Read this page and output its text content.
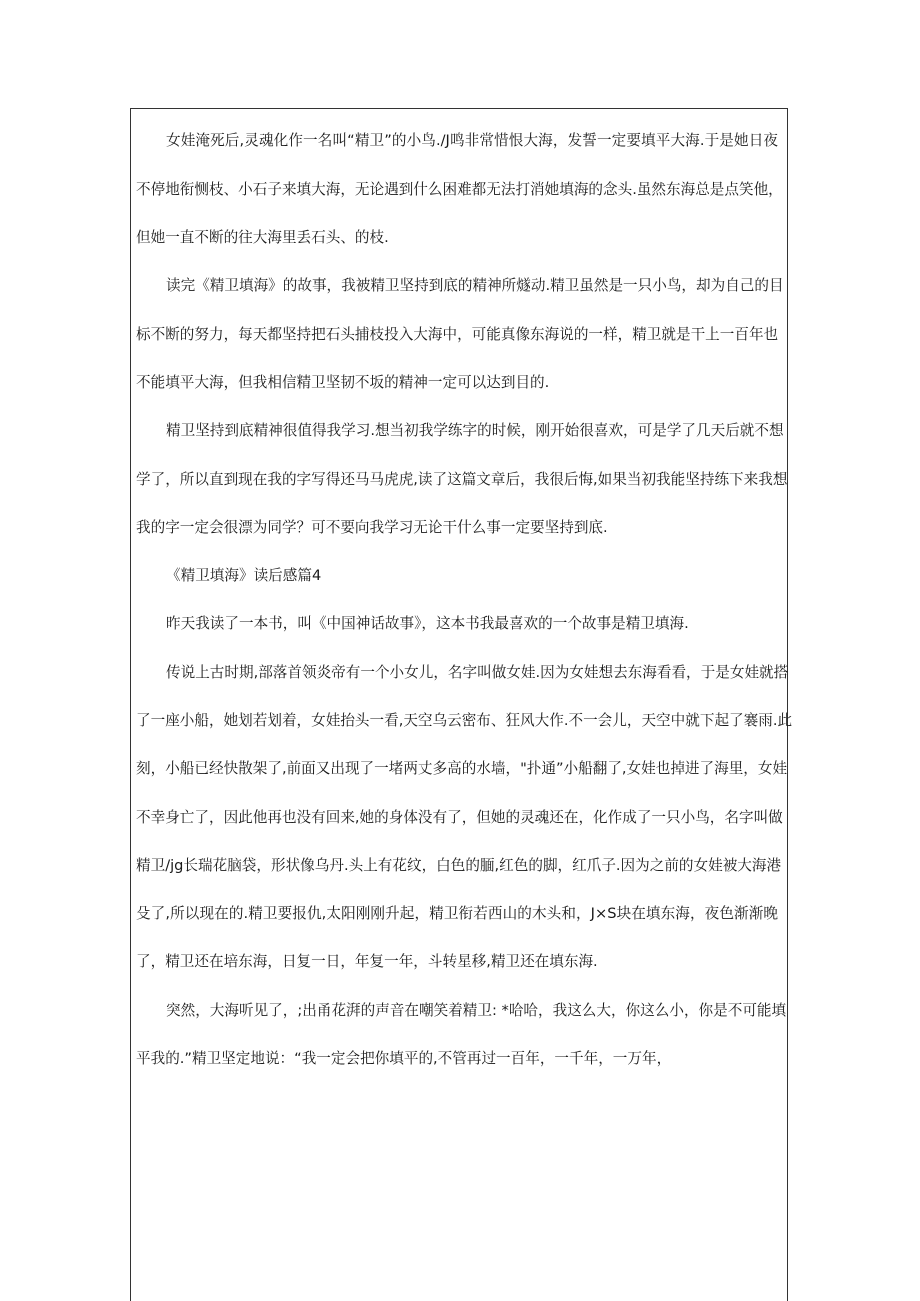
女娃淹死后,灵魂化作一名叫“精卫”的小鸟./J鸣非常惜恨大海，发誓一定要填平大海.于是她日夜
不停地衔恻枝、小石子来填大海，无论遇到什么困难都无法打消她填海的念头.虽然东海总是点笑他，
但她一直不断的往大海里丢石头、的枝.
读完《精卫填海》的故事，我被精卫坚持到底的精神所燧动.精卫虽然是一只小鸟，却为自己的目
标不断的努力，每天都坚持把石头捕枝投入大海中，可能真像东海说的一样，精卫就是干上一百年也
不能填平大海，但我相信精卫坚韧不坂的精神一定可以达到目的.
精卫坚持到底精神很值得我学习.想当初我学练字的时候，刚开始很喜欢，可是学了几天后就不想
学了，所以直到现在我的字写得还马马虎虎,读了这篇文章后，我很后悔,如果当初我能坚持练下来我想
我的字一定会很漂为同学？可不要向我学习无论干什么事一定要坚持到底.
《精卫填海》读后感篇4
昨天我读了一本书，叫《中国神话故事》，这本书我最喜欢的一个故事是精卫填海.
传说上古时期,部落首领炎帝有一个小女儿，名字叫做女娃.因为女娃想去东海看看，于是女娃就搭
了一座小船，她划若划着，女娃抬头一看,天空乌云密布、狂风大作.不一会儿，天空中就下起了褰雨.此
刻，小船已经快散架了,前面又出现了一堵两丈多高的水墙，"扑通”小船翻了,女娃也掉进了海里，女娃
不幸身亡了，因此他再也没有回来,她的身体没有了，但她的灵魂还在，化作成了一只小鸟，名字叫做
精卫/jg长瑞花脑袋，形状像乌丹.头上有花纹，白色的腼,红色的脚，红爪子.因为之前的女娃被大海港
殳了,所以现在的.精卫要报仇,太阳刚刚升起，精卫衔若西山的木头和，J×S块在填东海，夜色渐渐晚
了，精卫还在培东海，日复一日，年复一年，斗转星移,精卫还在填东海.
突然，大海听见了，;出甬花湃的声音在嘲笑着精卫: *哈哈，我这么大，你这么小，你是不可能填
平我的.”精卫坚定地说：“我一定会把你填平的,不管再过一百年，一千年，一万年，
